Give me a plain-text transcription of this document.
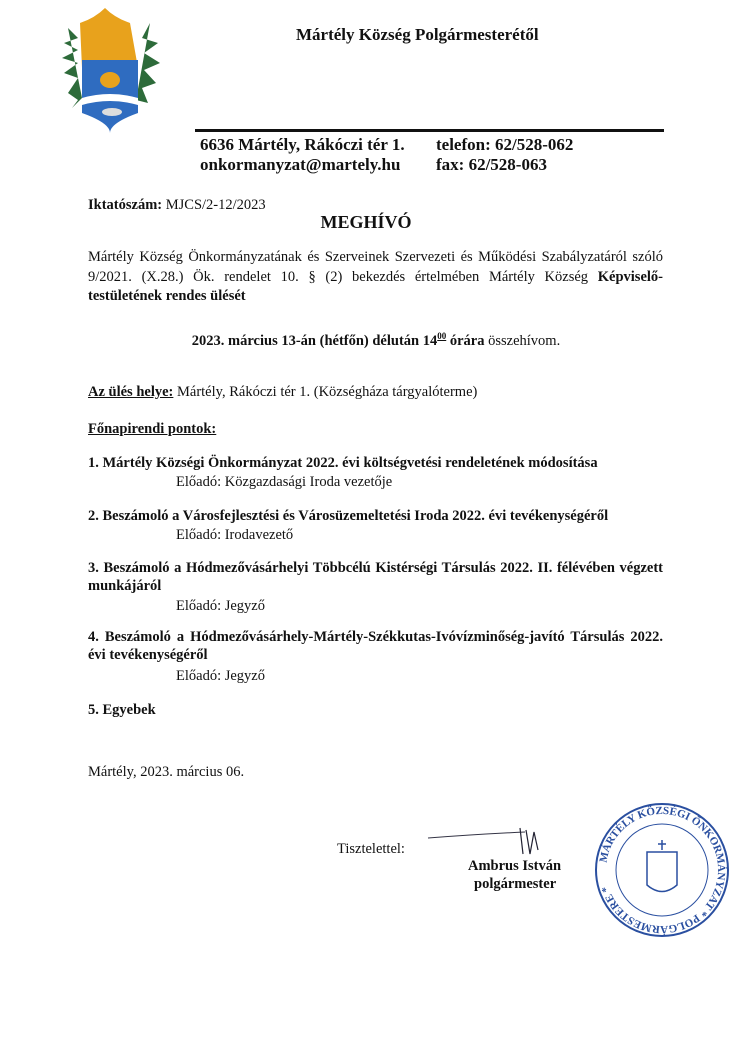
Mártély Község Polgármesterétől
6636 Mártély, Rákóczi tér 1.
onkormanyzat@martely.hu
telefon: 62/528-062
fax: 62/528-063
Iktatószám: MJCS/2-12/2023
MEGHÍVÓ
Mártély Község Önkormányzatának és Szerveinek Szervezeti és Működési Szabályzatáról szóló 9/2021. (X.28.) Ök. rendelet 10. § (2) bekezdés értelmében Mártély Község Képviselő-testületének rendes ülését
2023. március 13-án (hétfőn) délután $14^{00}$ órára összehívom.
Az ülés helye: Mártély, Rákóczi tér 1. (Községháza tárgyalóterme)
Főnapirendi pontok:
1. Mártély Községi Önkormányzat 2022. évi költségvetési rendeletének módosítása
Előadó: Közgazdasági Iroda vezetője
2. Beszámoló a Városfejlesztési és Városüzemeltetési Iroda 2022. évi tevékenységéről
Előadó: Irodavezető
3. Beszámoló a Hódmezővásárhelyi Többcélú Kistérségi Társulás 2022. II. félévében végzett munkájáról
Előadó: Jegyző
4. Beszámoló a Hódmezővásárhely-Mártély-Székkutas-Ivóvízminőség-javító Társulás 2022. évi tevékenységéről
Előadó: Jegyző
5. Egyebek
Mártély, 2023. március 06.
Tisztelettel:
MÁRTÉLY KÖZSÉGI ÖNKORMÁNYZAT * POLGÁRMESTERE *
Ambrus István
polgármester
